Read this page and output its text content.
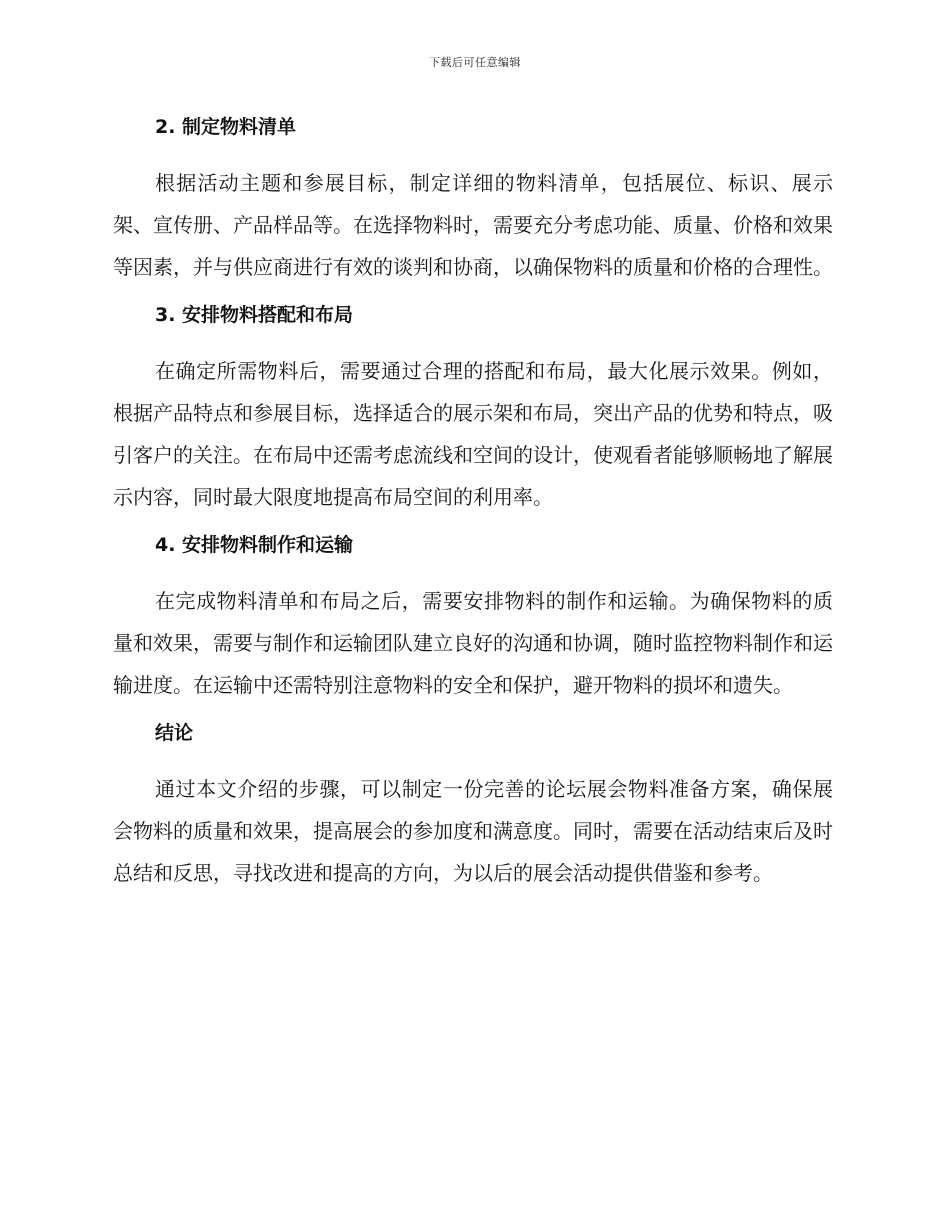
下载后可任意编辑
2. 制定物料清单

根据活动主题和参展目标，制定详细的物料清单，包括展位、标识、展示架、宣传册、产品样品等。在选择物料时，需要充分考虑功能、质量、价格和效果等因素，并与供应商进行有效的谈判和协商，以确保物料的质量和价格的合理性。

3. 安排物料搭配和布局

在确定所需物料后，需要通过合理的搭配和布局，最大化展示效果。例如，根据产品特点和参展目标，选择适合的展示架和布局，突出产品的优势和特点，吸引客户的关注。在布局中还需考虑流线和空间的设计，使观看者能够顺畅地了解展示内容，同时最大限度地提高布局空间的利用率。

4. 安排物料制作和运输

在完成物料清单和布局之后，需要安排物料的制作和运输。为确保物料的质量和效果，需要与制作和运输团队建立良好的沟通和协调，随时监控物料制作和运输进度。在运输中还需特别注意物料的安全和保护，避开物料的损坏和遗失。

结论

通过本文介绍的步骤，可以制定一份完善的论坛展会物料准备方案，确保展会物料的质量和效果，提高展会的参加度和满意度。同时，需要在活动结束后及时总结和反思，寻找改进和提高的方向，为以后的展会活动提供借鉴和参考。
